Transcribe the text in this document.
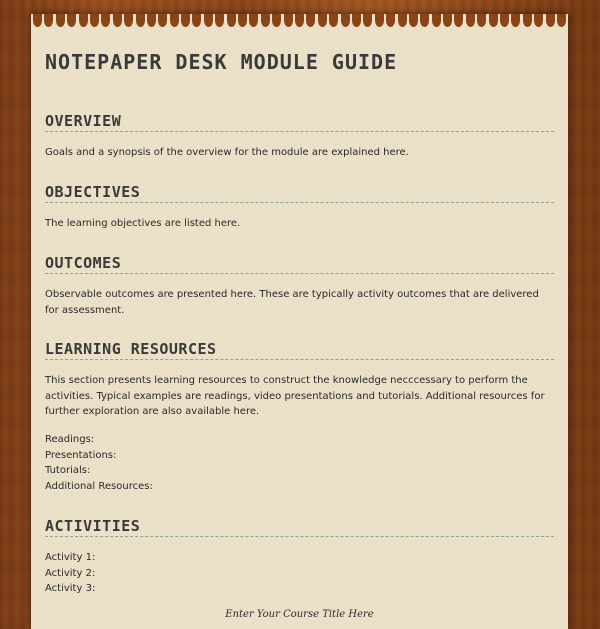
NOTEPAPER DESK MODULE GUIDE
OVERVIEW

Goals and a synopsis of the overview for the module are explained here.

OBJECTIVES

The learning objectives are listed here.

OUTCOMES

Observable outcomes are presented here. These are typically activity outcomes that are delivered for assessment.

LEARNING RESOURCES

This section presents learning resources to construct the knowledge necccessary to perform the activities. Typical examples are readings, video presentations and tutorials. Additional resources for further exploration are also available here.

Readings:
Presentations:
Tutorials:
Additional Resources:
ACTIVITIES
Activity 1:
Activity 2:
Activity 3:
Enter Your Course Title Here
